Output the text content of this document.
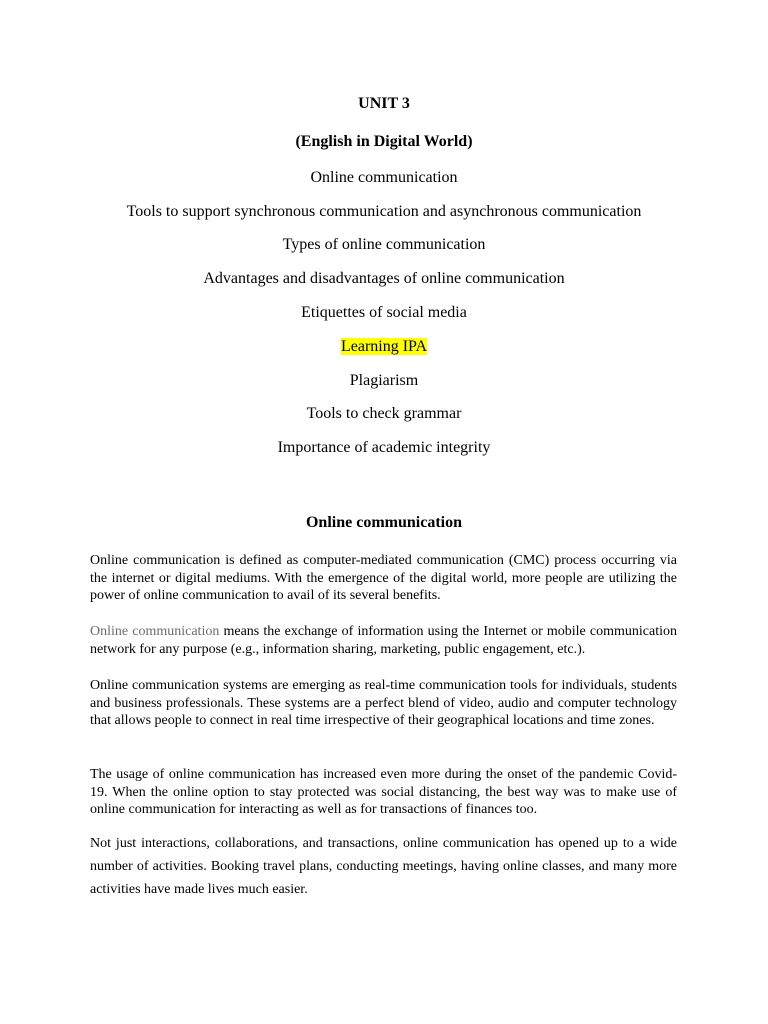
UNIT 3
(English in Digital World)
Online communication
Tools to support synchronous communication and asynchronous communication
Types of online communication
Advantages and disadvantages of online communication
Etiquettes of social media
Learning IPA
Plagiarism
Tools to check grammar
Importance of academic integrity
Online communication
Online communication is defined as computer-mediated communication (CMC) process occurring via the internet or digital mediums. With the emergence of the digital world, more people are utilizing the power of online communication to avail of its several benefits.
Online communication means the exchange of information using the Internet or mobile communication network for any purpose (e.g., information sharing, marketing, public engagement, etc.).
Online communication systems are emerging as real-time communication tools for individuals, students and business professionals. These systems are a perfect blend of video, audio and computer technology that allows people to connect in real time irrespective of their geographical locations and time zones.
The usage of online communication has increased even more during the onset of the pandemic Covid-19. When the online option to stay protected was social distancing, the best way was to make use of online communication for interacting as well as for transactions of finances too.
Not just interactions, collaborations, and transactions, online communication has opened up to a wide number of activities. Booking travel plans, conducting meetings, having online classes, and many more activities have made lives much easier.
